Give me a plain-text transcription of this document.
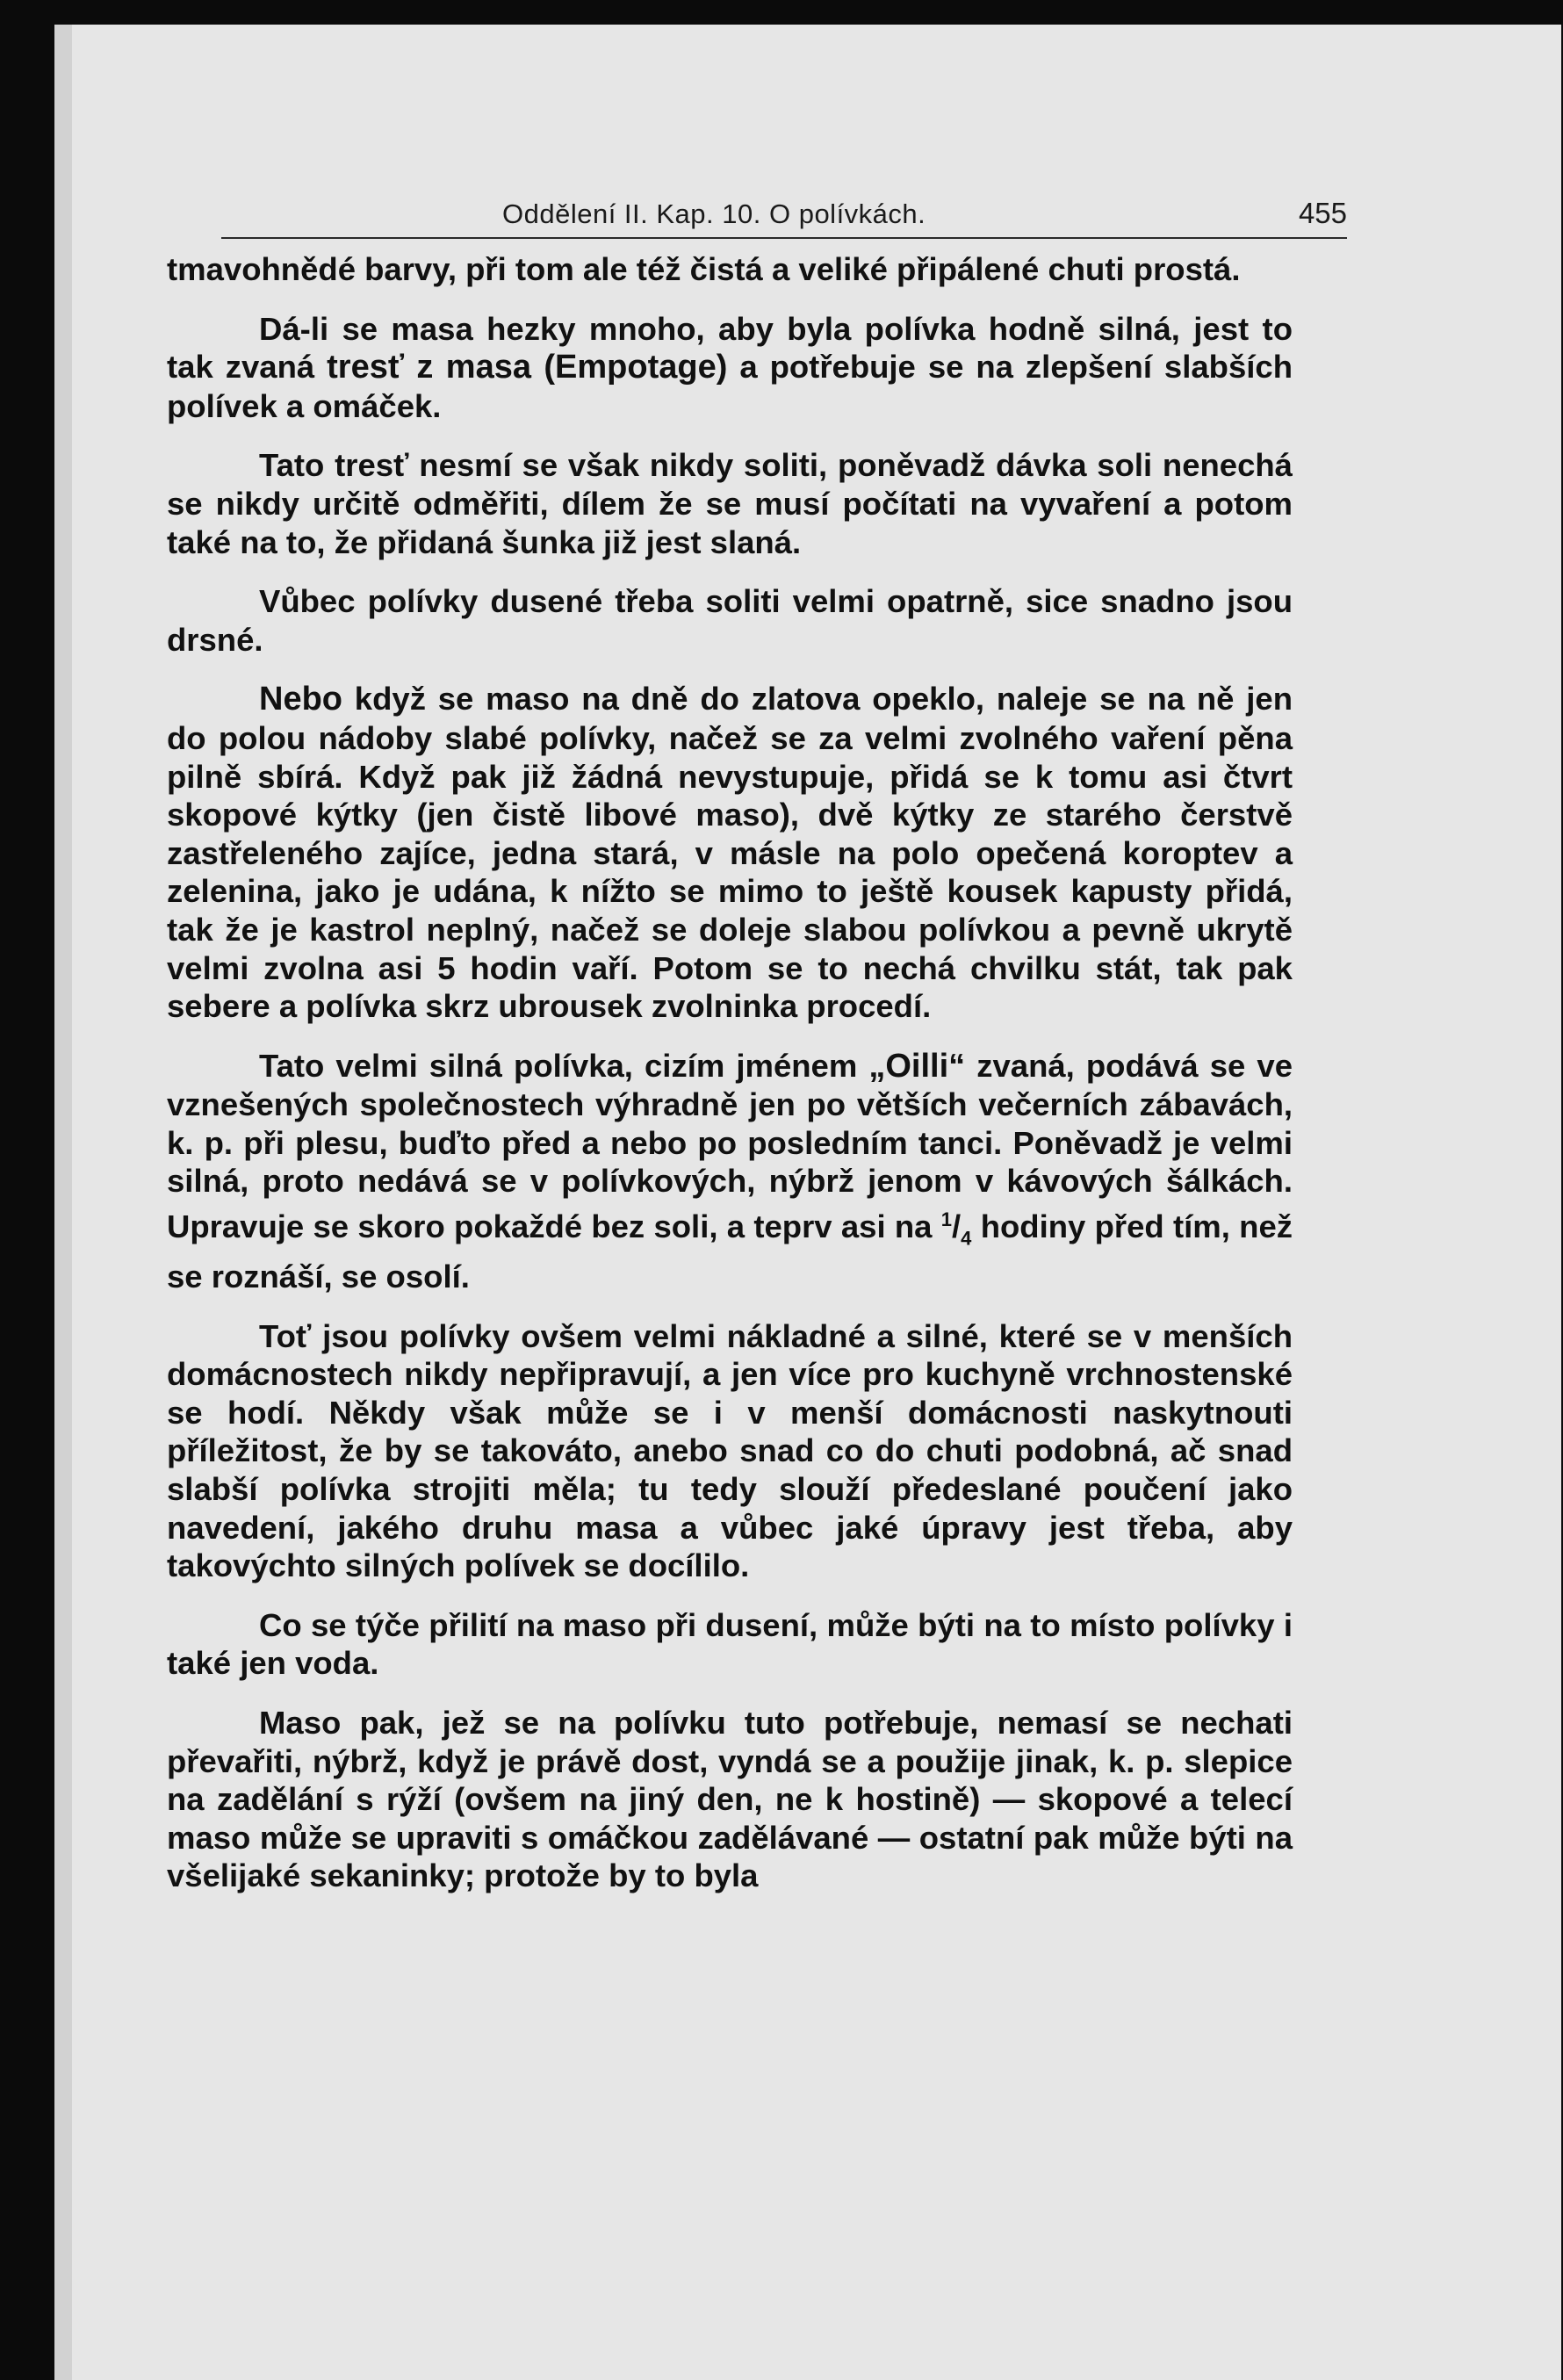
Oddělení II. Kap. 10. O polívkách.	455

tmavohnědé barvy, při tom ale též čistá a veliké připálené chuti prostá.

Dá-li se masa hezky mnoho, aby byla polívka hodně silná, jest to tak zvaná tresť z masa (Empotage) a potřebuje se na zlepšení slabších polívek a omáček.

Tato tresť nesmí se však nikdy soliti, poněvadž dávka soli nenechá se nikdy určitě odměřiti, dílem že se musí počítati na vyvaření a potom také na to, že přidaná šunka již jest slaná.

Vůbec polívky dusené třeba soliti velmi opatrně, sice snadno jsou drsné.

Nebo když se maso na dně do zlatova opeklo, naleje se na ně jen do polou nádoby slabé polívky, načež se za velmi zvolného vaření pěna pilně sbírá. Když pak již žádná nevystupuje, přidá se k tomu asi čtvrt skopové kýtky (jen čistě libové maso), dvě kýtky ze starého čerstvě zastřeleného zajíce, jedna stará, v másle na polo opečená koroptev a zelenina, jako je udána, k nížto se mimo to ještě kousek kapusty přidá, tak že je kastrol neplný, načež se doleje slabou polívkou a pevně ukrytě velmi zvolna asi 5 hodin vaří. Potom se to nechá chvilku stát, tak pak sebere a polívka skrz ubrousek zvolninka procedí.

Tato velmi silná polívka, cizím jménem „Oilli“ zvaná, podává se ve vznešených společnostech výhradně jen po větších večerních zábavách, k. p. při plesu, buďto před a nebo po posledním tanci. Poněvadž je velmi silná, proto nedává se v polívkových, nýbrž jenom v kávových šálkách. Upravuje se skoro pokaždé bez soli, a teprv asi na $^1/_4$ hodiny před tím, než se roznáší, se osolí.

Toť jsou polívky ovšem velmi nákladné a silné, které se v menších domácnostech nikdy nepřipravují, a jen více pro kuchyně vrchnostenské se hodí. Někdy však může se i v menší domácnosti naskytnouti příležitost, že by se takováto, anebo snad co do chuti podobná, ač snad slabší polívka strojiti měla; tu tedy slouží předeslané poučení jako navedení, jakého druhu masa a vůbec jaké úpravy jest třeba, aby takovýchto silných polívek se docílilo.

Co se týče přilití na maso při dusení, může býti na to místo polívky i také jen voda.

Maso pak, jež se na polívku tuto potřebuje, nemasí se nechati převařiti, nýbrž, když je právě dost, vyndá se a použije jinak, k. p. slepice na zadělání s rýží (ovšem na jiný den, ne k hostině) — skopové a telecí maso může se upraviti s omáčkou zadělávané — ostatní pak může býti na všelijaké sekaninky; protože by to byla
